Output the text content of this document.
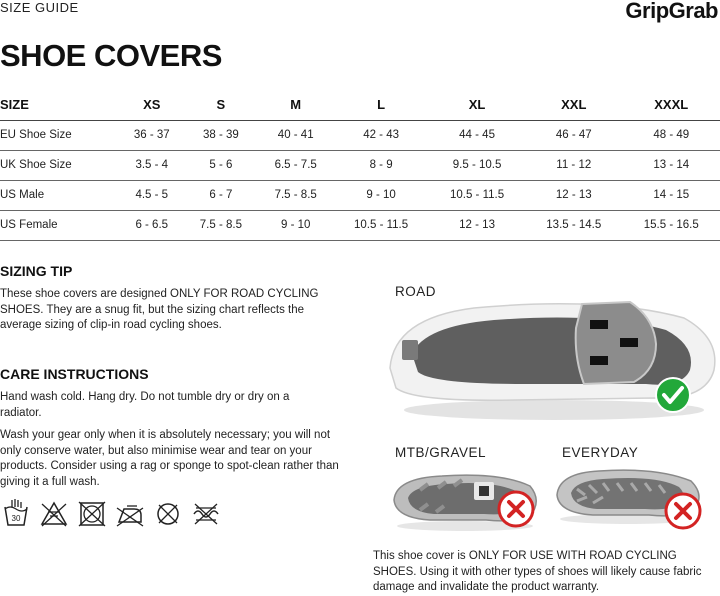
SIZE GUIDE	GripGrab
SHOE COVERS
SIZE	XS	S	M	L	XL	XXL	XXXL
EU Shoe Size	36 - 37	38 - 39	40 - 41	42 - 43	44 - 45	46 - 47	48 - 49
UK Shoe Size	3.5 - 4	5 - 6	6.5 - 7.5	8 - 9	9.5 - 10.5	11 - 12	13 - 14
US Male	4.5 - 5	6 - 7	7.5 - 8.5	9 - 10	10.5 - 11.5	12 - 13	14 - 15
US Female	6 - 6.5	7.5 - 8.5	9 - 10	10.5 - 11.5	12 - 13	13.5 - 14.5	15.5 - 16.5
SIZING TIP

These shoe covers are designed ONLY FOR ROAD CYCLING SHOES. They are a snug fit, but the sizing chart reflects the average sizing of clip-in road cycling shoes.

CARE INSTRUCTIONS

Hand wash cold. Hang dry. Do not tumble dry or dry on a radiator.

Wash your gear only when it is absolutely necessary; you will not only conserve water, but also minimise wear and tear on your products. Consider using a rag or sponge to spot-clean rather than giving it a full wash.

30
ROAD
MTB/GRAVEL	EVERYDAY

This shoe cover is ONLY FOR USE WITH ROAD CYCLING SHOES. Using it with other types of shoes will likely cause fabric damage and invalidate the product warranty.
